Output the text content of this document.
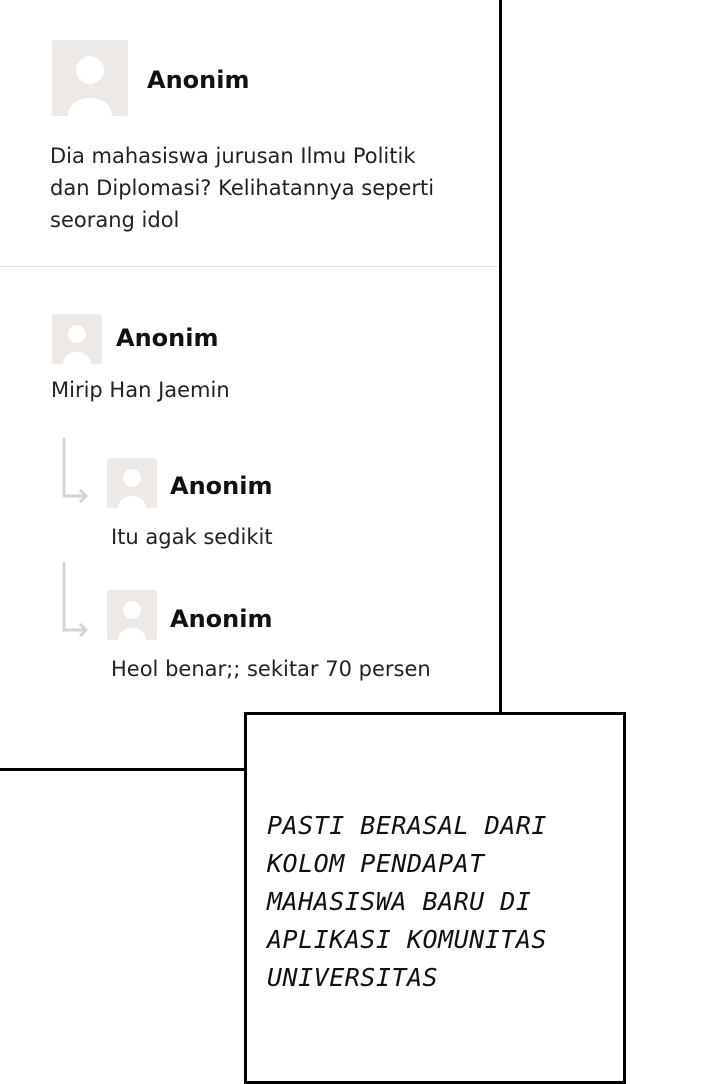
Anonim
Dia mahasiswa jurusan Ilmu Politik
dan Diplomasi? Kelihatannya seperti
seorang idol
Anonim
Mirip Han Jaemin
Anonim
Itu agak sedikit
Anonim
Heol benar;; sekitar 70 persen
PASTI BERASAL DARI
KOLOM PENDAPAT
MAHASISWA BARU DI
APLIKASI KOMUNITAS
UNIVERSITAS
